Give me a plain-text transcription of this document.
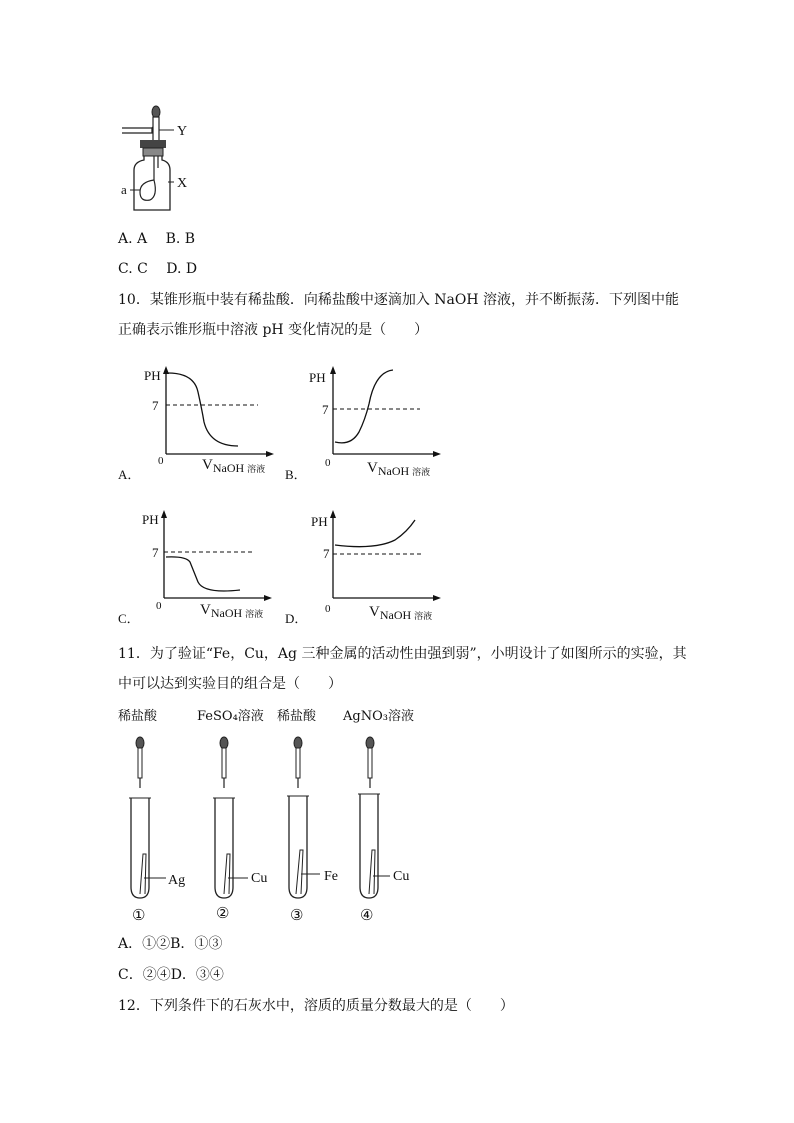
Y
X
a
A. A　 B. B
C. C　 D. D
10．某锥形瓶中装有稀盐酸．向稀盐酸中逐滴加入 NaOH 溶液，并不断振荡．下列图中能
正确表示锥形瓶中溶液 pH 变化情况的是（　　）
PH
7
0	$V_{NaOH}$ 溶液
A．
PH
7
0 $V_{NaOH}$ 溶液
B．
PH
7
0	$V_{NaOH}$ 溶液
C．
PH
7
0	$V_{NaOH}$ 溶液
D．
11．为了验证“Fe，Cu，Ag 三种金属的活动性由强到弱”，小明设计了如图所示的实验，其
中可以达到实验目的组合是（　　）
稀盐酸	FeSO₄溶液 稀盐酸 AgNO₃溶液
Ag
①
Cu
②
Fe
③
Cu
④
A．①②B．①③
C．②④D．③④
12．下列条件下的石灰水中，溶质的质量分数最大的是（　　）
